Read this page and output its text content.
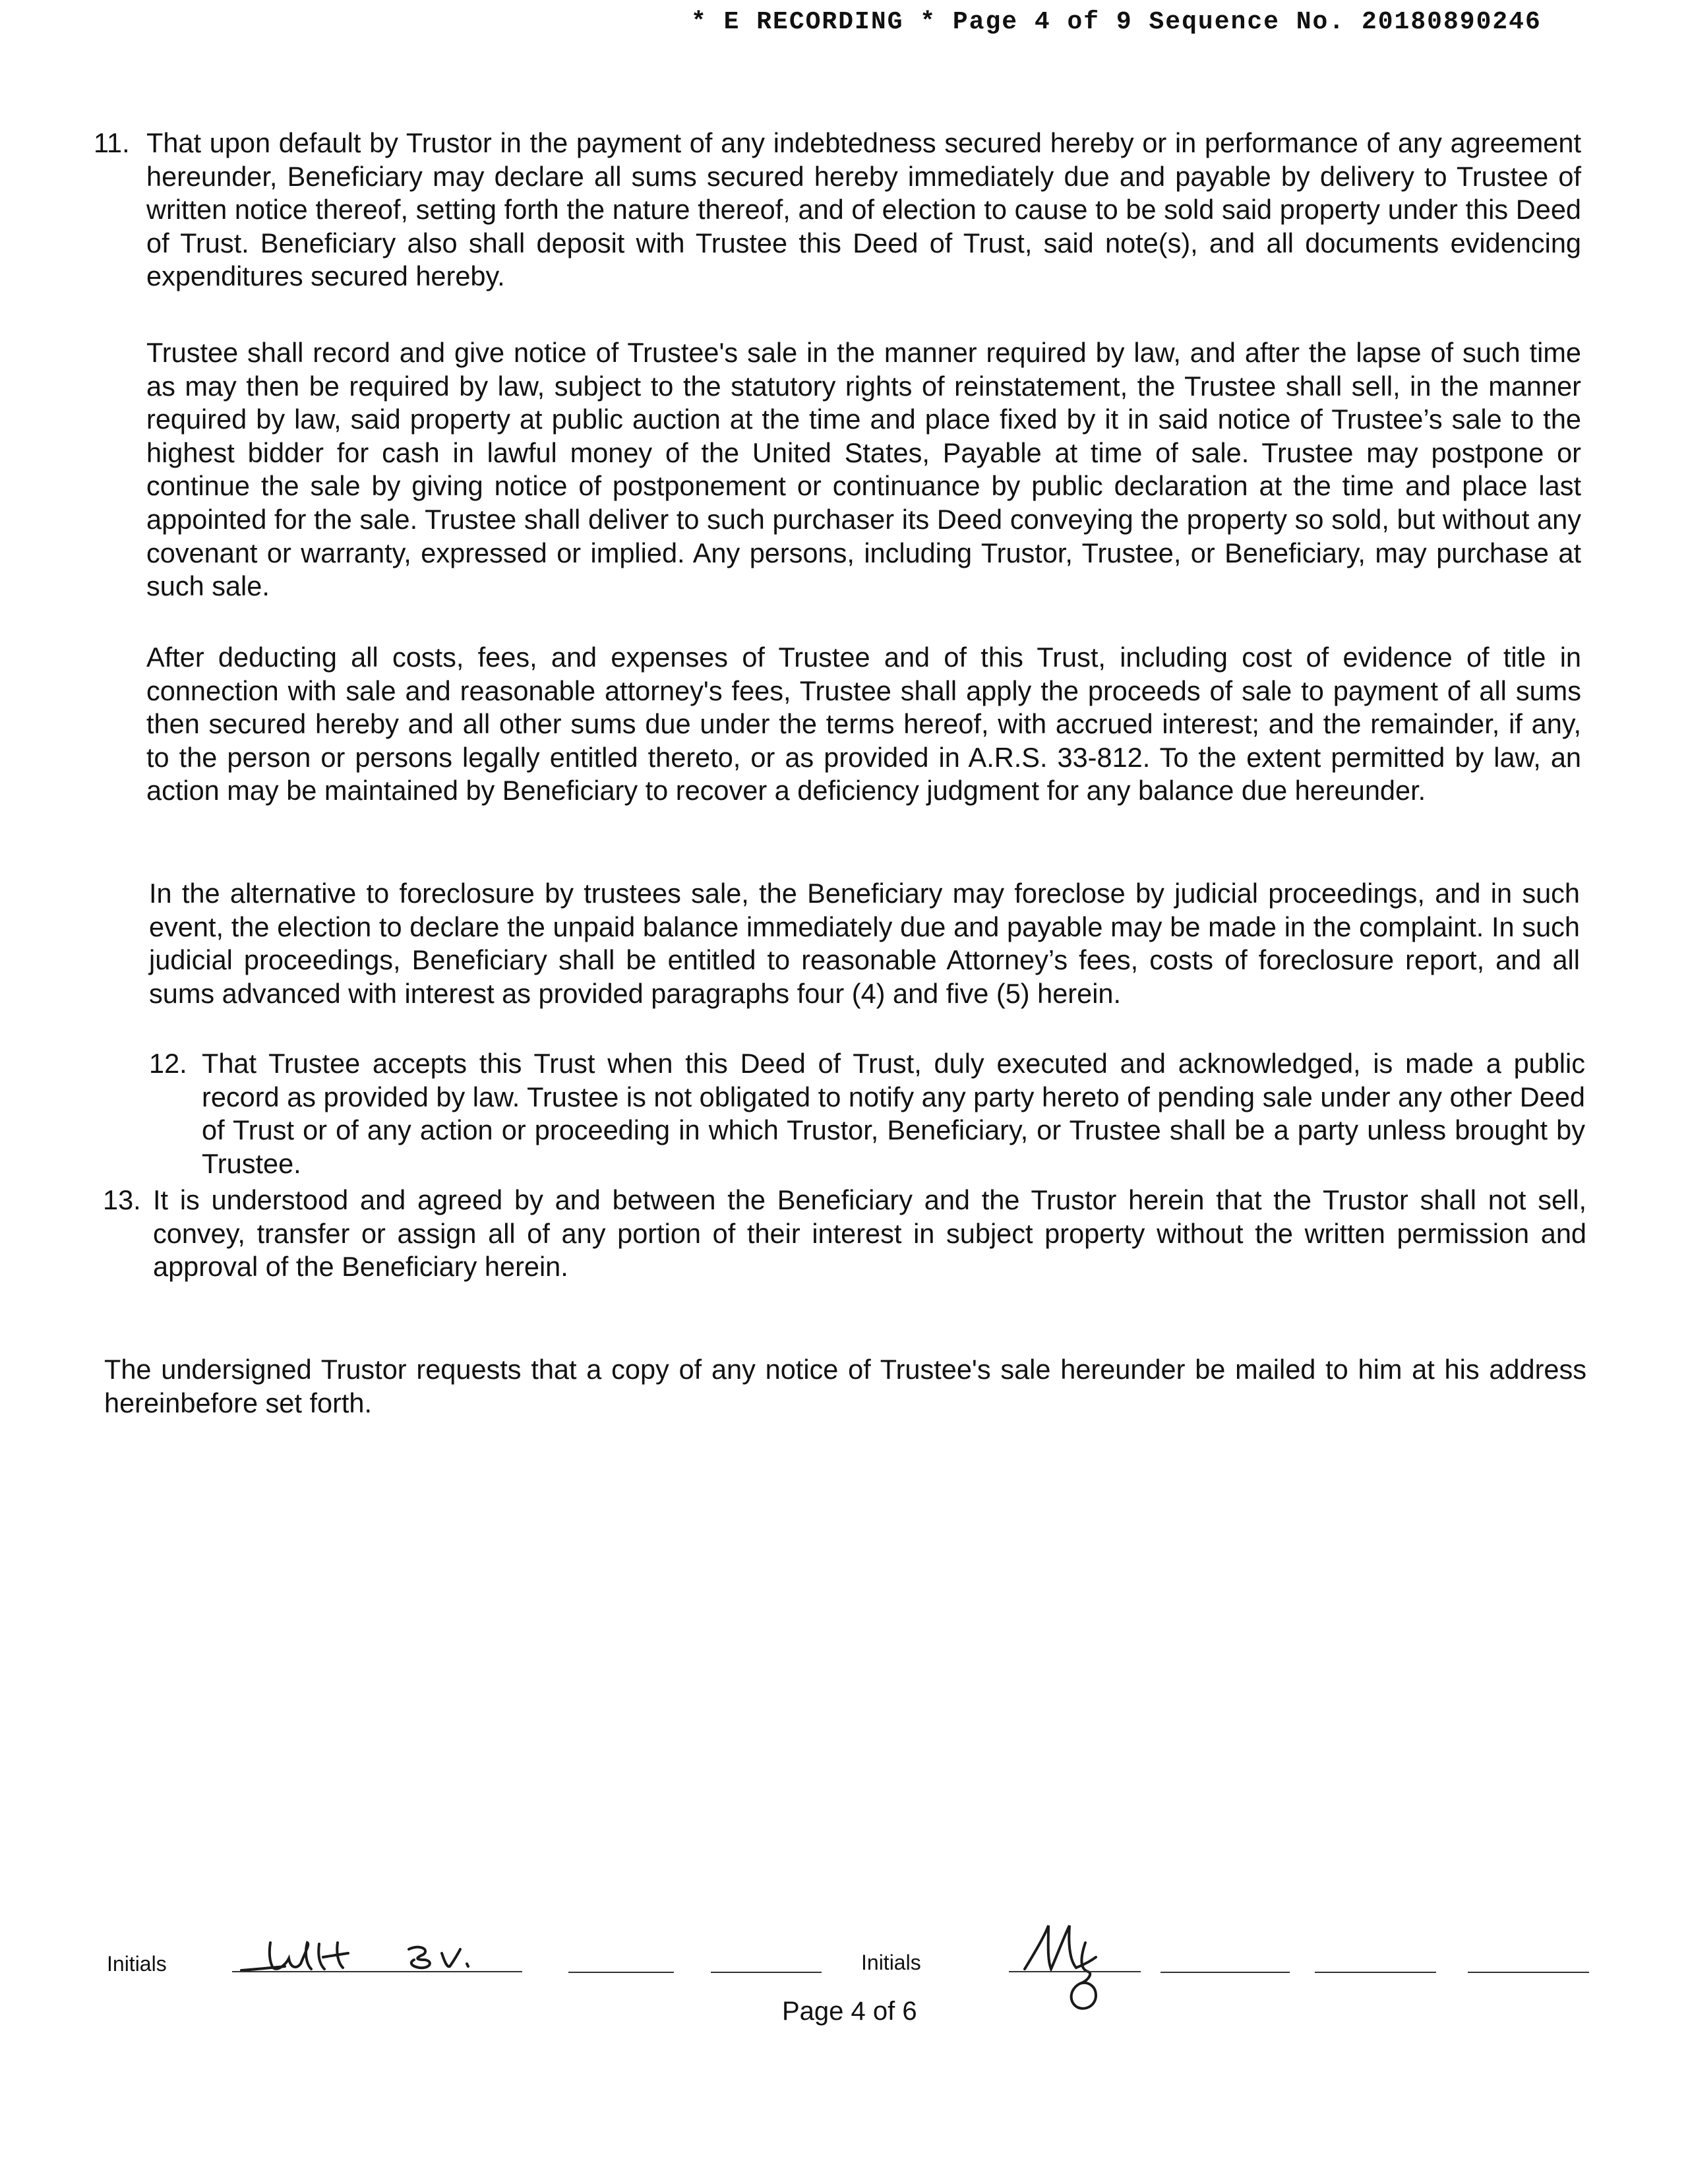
* E RECORDING * Page 4 of 9 Sequence No. 20180890246
11. That upon default by Trustor in the payment of any indebtedness secured hereby or in performance of any agreement hereunder, Beneficiary may declare all sums secured hereby immediately due and payable by delivery to Trustee of written notice thereof, setting forth the nature thereof, and of election to cause to be sold said property under this Deed of Trust. Beneficiary also shall deposit with Trustee this Deed of Trust, said note(s), and all documents evidencing expenditures secured hereby.

Trustee shall record and give notice of Trustee's sale in the manner required by law, and after the lapse of such time as may then be required by law, subject to the statutory rights of reinstatement, the Trustee shall sell, in the manner required by law, said property at public auction at the time and place fixed by it in said notice of Trustee’s sale to the highest bidder for cash in lawful money of the United States, Payable at time of sale. Trustee may postpone or continue the sale by giving notice of postponement or continuance by public declaration at the time and place last appointed for the sale. Trustee shall deliver to such purchaser its Deed conveying the property so sold, but without any covenant or warranty, expressed or implied. Any persons, including Trustor, Trustee, or Beneficiary, may purchase at such sale.

After deducting all costs, fees, and expenses of Trustee and of this Trust, including cost of evidence of title in connection with sale and reasonable attorney's fees, Trustee shall apply the proceeds of sale to payment of all sums then secured hereby and all other sums due under the terms hereof, with accrued interest; and the remainder, if any, to the person or persons legally entitled thereto, or as provided in A.R.S. 33-812. To the extent permitted by law, an action may be maintained by Beneficiary to recover a deficiency judgment for any balance due hereunder.

In the alternative to foreclosure by trustees sale, the Beneficiary may foreclose by judicial proceedings, and in such event, the election to declare the unpaid balance immediately due and payable may be made in the complaint. In such judicial proceedings, Beneficiary shall be entitled to reasonable Attorney’s fees, costs of foreclosure report, and all sums advanced with interest as provided paragraphs four (4) and five (5) herein.

12. That Trustee accepts this Trust when this Deed of Trust, duly executed and acknowledged, is made a public record as provided by law. Trustee is not obligated to notify any party hereto of pending sale under any other Deed of Trust or of any action or proceeding in which Trustor, Beneficiary, or Trustee shall be a party unless brought by Trustee.
13. It is understood and agreed by and between the Beneficiary and the Trustor herein that the Trustor shall not sell, convey, transfer or assign all of any portion of their interest in subject property without the written permission and approval of the Beneficiary herein.

The undersigned Trustor requests that a copy of any notice of Trustee's sale hereunder be mailed to him at his address hereinbefore set forth.

Initials	Initials
Page 4 of 6
